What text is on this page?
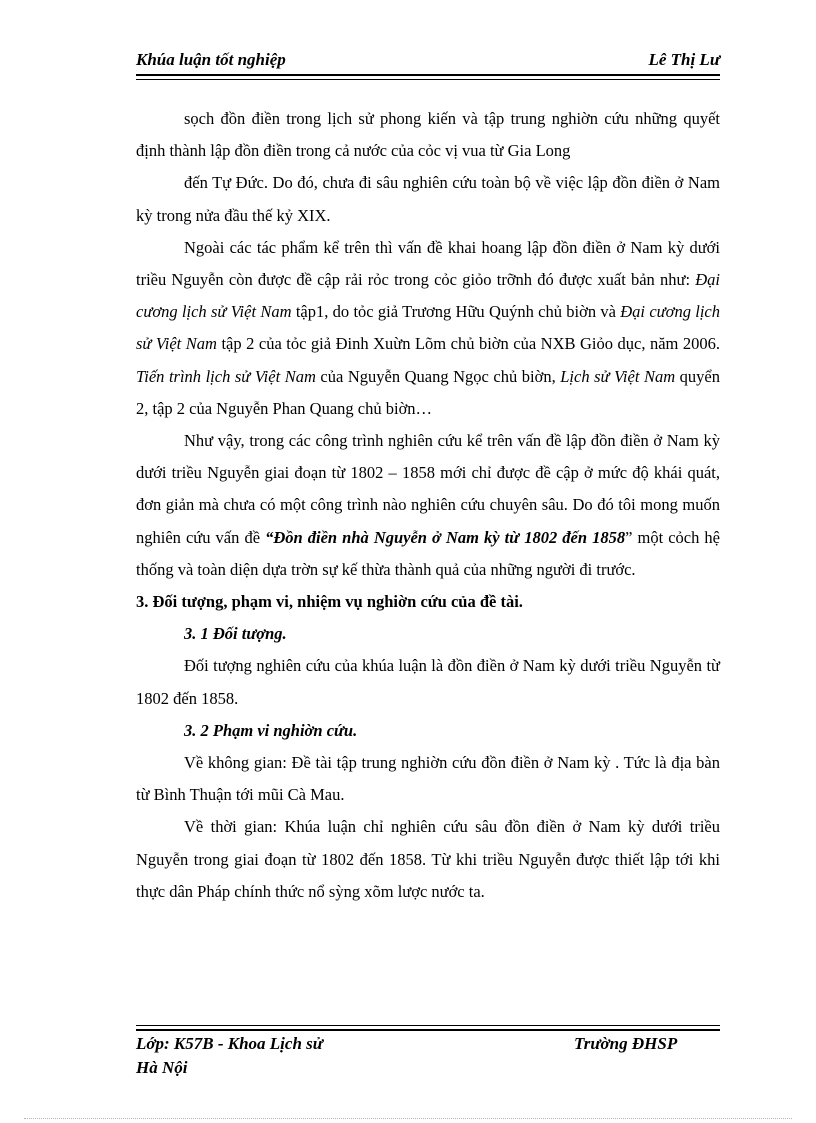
Khúa luận tốt nghiệp	Lê Thị Lư

sọch đồn điền trong lịch sử phong kiến và tập trung nghiờn cứu những quyết định thành lập đồn điền trong cả nước của cỏc vị vua từ Gia Long

đến Tự Đức. Do đó, chưa đi sâu nghiên cứu toàn bộ về việc lập đồn điền ở Nam kỳ trong nửa đầu thế kỷ XIX.

Ngoài các tác phẩm kể trên thì vấn đề khai hoang lập đồn điền ở Nam kỳ dưới triều Nguyễn còn được đề cập rải rỏc trong cỏc giỏo trỡnh đó được xuất bản như: Đại cương lịch sử Việt Nam tập1, do tỏc giả Trương Hữu Quýnh chủ biờn và Đại cương lịch sử Việt Nam tập 2 của tỏc giả Đinh Xuừn Lõm chủ biờn của NXB Giỏo dục, năm 2006. Tiến trình lịch sử Việt Nam của Nguyễn Quang Ngọc chủ biờn, Lịch sử Việt Nam quyển 2, tập 2 của Nguyễn Phan Quang chủ biờn…

Như vậy, trong các công trình nghiên cứu kể trên vấn đề lập đồn điền ở Nam kỳ dưới triều Nguyễn giai đoạn từ 1802 – 1858 mới chỉ được đề cập ở mức độ khái quát, đơn giản mà chưa có một công trình nào nghiên cứu chuyên sâu. Do đó tôi mong muốn nghiên cứu vấn đề “Đồn điền nhà Nguyễn ở Nam kỳ từ 1802 đến 1858” một cỏch hệ thống và toàn diện dựa trờn sự kế thừa thành quả của những người đi trước.

3. Đối tượng, phạm vi, nhiệm vụ nghiờn cứu của đề tài.

3. 1 Đối tượng.

Đối tượng nghiên cứu của khúa luận là đồn điền ở Nam kỳ dưới triều Nguyễn từ 1802 đến 1858.

3. 2 Phạm vi nghiờn cứu.

Về không gian: Đề tài tập trung nghiờn cứu đồn điền ở Nam kỳ . Tức là địa bàn từ Bình Thuận tới mũi Cà Mau.

Về thời gian: Khúa luận chỉ nghiên cứu sâu đồn điền ở Nam kỳ dưới triều Nguyễn trong giai đoạn từ 1802 đến 1858. Từ khi triều Nguyễn được thiết lập tới khi thực dân Pháp chính thức nổ sỳng xõm lược nước ta.

Lớp: K57B - Khoa Lịch sử
Hà Nội
Trường ĐHSP
